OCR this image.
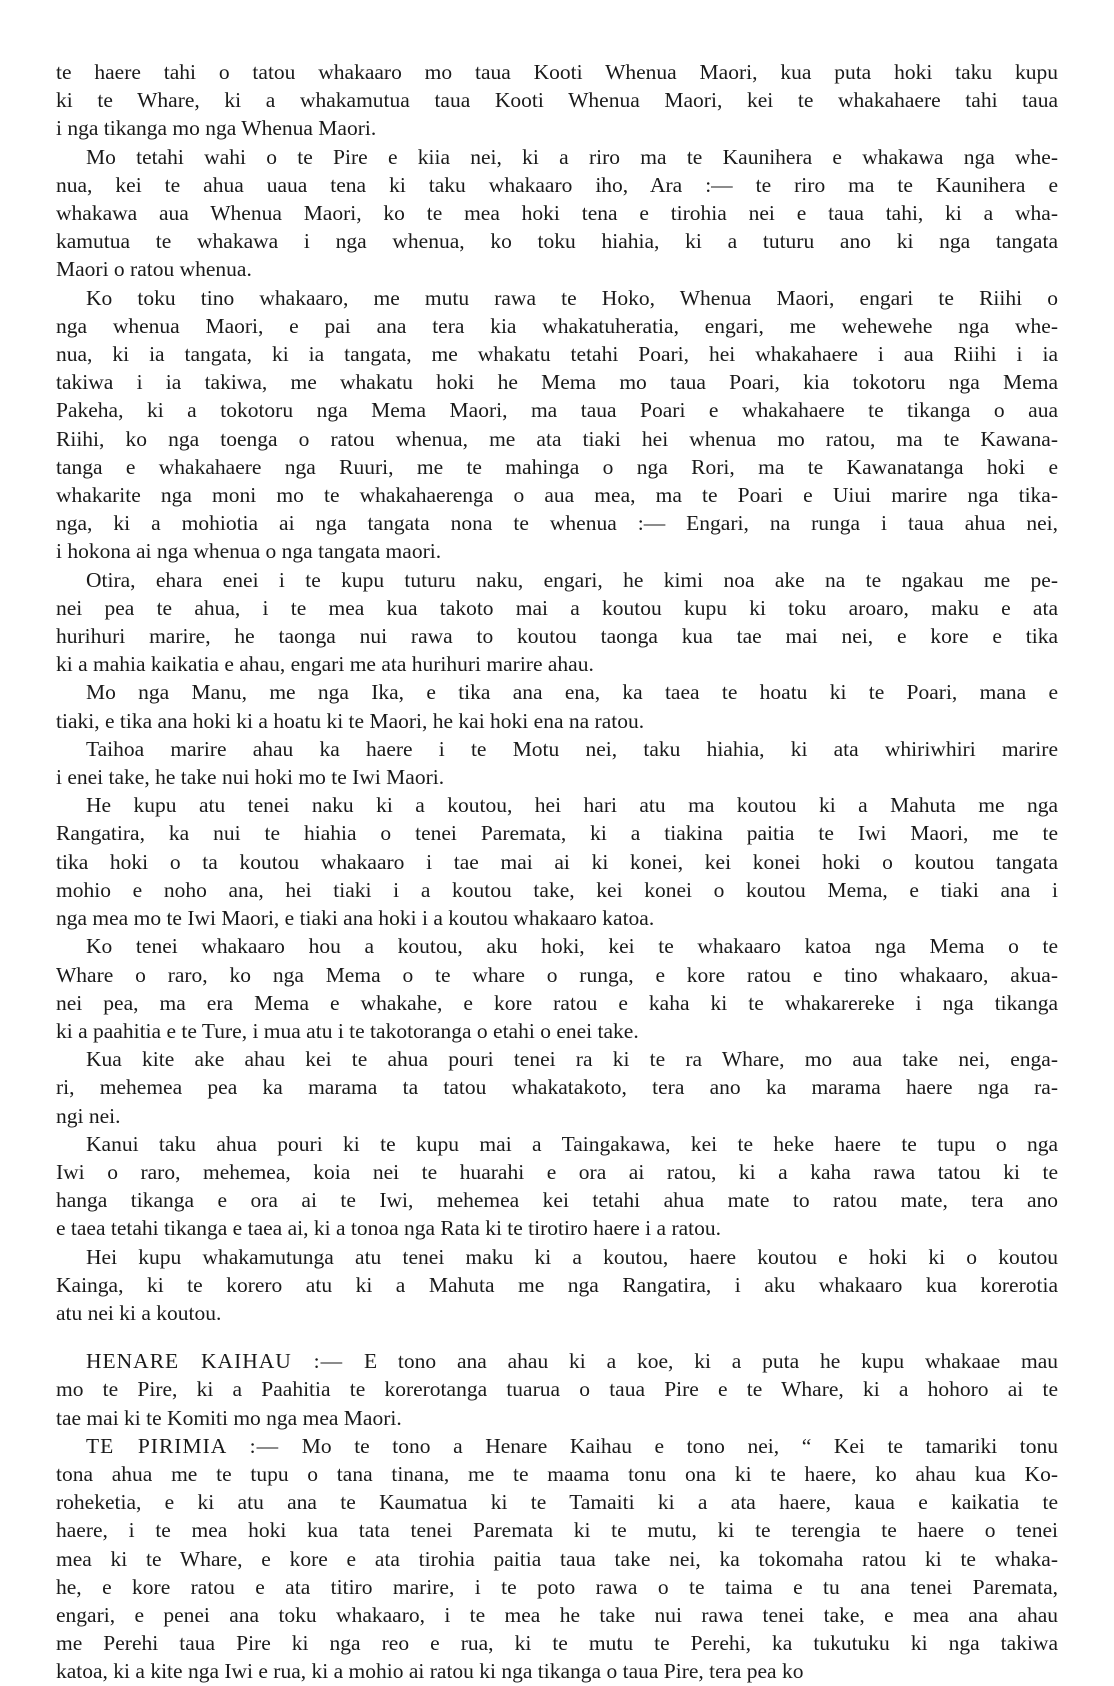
te haere tahi o tatou whakaaro mo taua Kooti Whenua Maori, kua puta hoki taku kupu
ki te Whare, ki a whakamutua taua Kooti Whenua Maori, kei te whakahaere tahi taua
i nga tikanga mo nga Whenua Maori.
Mo tetahi wahi o te Pire e kiia nei, ki a riro ma te Kaunihera e whakawa nga whe-
nua, kei te ahua uaua tena ki taku whakaaro iho, Ara :— te riro ma te Kaunihera e
whakawa aua Whenua Maori, ko te mea hoki tena e tirohia nei e taua tahi, ki a wha-
kamutua te whakawa i nga whenua, ko toku hiahia, ki a tuturu ano ki nga tangata
Maori o ratou whenua.
Ko toku tino whakaaro, me mutu rawa te Hoko, Whenua Maori, engari te Riihi o
nga whenua Maori, e pai ana tera kia whakatuheratia, engari, me wehewehe nga whe-
nua, ki ia tangata, ki ia tangata, me whakatu tetahi Poari, hei whakahaere i aua Riihi i ia
takiwa i ia takiwa, me whakatu hoki he Mema mo taua Poari, kia tokotoru nga Mema
Pakeha, ki a tokotoru nga Mema Maori, ma taua Poari e whakahaere te tikanga o aua
Riihi, ko nga toenga o ratou whenua, me ata tiaki hei whenua mo ratou, ma te Kawana-
tanga e whakahaere nga Ruuri, me te mahinga o nga Rori, ma te Kawanatanga hoki e
whakarite nga moni mo te whakahaerenga o aua mea, ma te Poari e Uiui marire nga tika-
nga, ki a mohiotia ai nga tangata nona te whenua :— Engari, na runga i taua ahua nei,
i hokona ai nga whenua o nga tangata maori.
Otira, ehara enei i te kupu tuturu naku, engari, he kimi noa ake na te ngakau me pe-
nei pea te ahua, i te mea kua takoto mai a koutou kupu ki toku aroaro, maku e ata
hurihuri marire, he taonga nui rawa to koutou taonga kua tae mai nei, e kore e tika
ki a mahia kaikatia e ahau, engari me ata hurihuri marire ahau.
Mo nga Manu, me nga Ika, e tika ana ena, ka taea te hoatu ki te Poari, mana e
tiaki, e tika ana hoki ki a hoatu ki te Maori, he kai hoki ena na ratou.
Taihoa marire ahau ka haere i te Motu nei, taku hiahia, ki ata whiriwhiri marire
i enei take, he take nui hoki mo te Iwi Maori.
He kupu atu tenei naku ki a koutou, hei hari atu ma koutou ki a Mahuta me nga
Rangatira, ka nui te hiahia o tenei Paremata, ki a tiakina paitia te Iwi Maori, me te
tika hoki o ta koutou whakaaro i tae mai ai ki konei, kei konei hoki o koutou tangata
mohio e noho ana, hei tiaki i a koutou take, kei konei o koutou Mema, e tiaki ana i
nga mea mo te Iwi Maori, e tiaki ana hoki i a koutou whakaaro katoa.
Ko tenei whakaaro hou a koutou, aku hoki, kei te whakaaro katoa nga Mema o te
Whare o raro, ko nga Mema o te whare o runga, e kore ratou e tino whakaaro, akua-
nei pea, ma era Mema e whakahe, e kore ratou e kaha ki te whakarereke i nga tikanga
ki a paahitia e te Ture, i mua atu i te takotoranga o etahi o enei take.
Kua kite ake ahau kei te ahua pouri tenei ra ki te ra Whare, mo aua take nei, enga-
ri, mehemea pea ka marama ta tatou whakatakoto, tera ano ka marama haere nga ra-
ngi nei.
Kanui taku ahua pouri ki te kupu mai a Taingakawa, kei te heke haere te tupu o nga
Iwi o raro, mehemea, koia nei te huarahi e ora ai ratou, ki a kaha rawa tatou ki te
hanga tikanga e ora ai te Iwi, mehemea kei tetahi ahua mate to ratou mate, tera ano
e taea tetahi tikanga e taea ai, ki a tonoa nga Rata ki te tirotiro haere i a ratou.
Hei kupu whakamutunga atu tenei maku ki a koutou, haere koutou e hoki ki o koutou
Kainga, ki te korero atu ki a Mahuta me nga Rangatira, i aku whakaaro kua korerotia
atu nei ki a koutou.
HENARE KAIHAU :— E tono ana ahau ki a koe, ki a puta he kupu whakaae mau
mo te Pire, ki a Paahitia te korerotanga tuarua o taua Pire e te Whare, ki a hohoro ai te
tae mai ki te Komiti mo nga mea Maori.
TE PIRIMIA :— Mo te tono a Henare Kaihau e tono nei, “ Kei te tamariki tonu
tona ahua me te tupu o tana tinana, me te maama tonu ona ki te haere, ko ahau kua Ko-
roheketia, e ki atu ana te Kaumatua ki te Tamaiti ki a ata haere, kaua e kaikatia te
haere, i te mea hoki kua tata tenei Paremata ki te mutu, ki te terengia te haere o tenei
mea ki te Whare, e kore e ata tirohia paitia taua take nei, ka tokomaha ratou ki te whaka-
he, e kore ratou e ata titiro marire, i te poto rawa o te taima e tu ana tenei Paremata,
engari, e penei ana toku whakaaro, i te mea he take nui rawa tenei take, e mea ana ahau
me Perehi taua Pire ki nga reo e rua, ki te mutu te Perehi, ka tukutuku ki nga takiwa
katoa, ki a kite nga Iwi e rua, ki a mohio ai ratou ki nga tikanga o taua Pire, tera pea ko
